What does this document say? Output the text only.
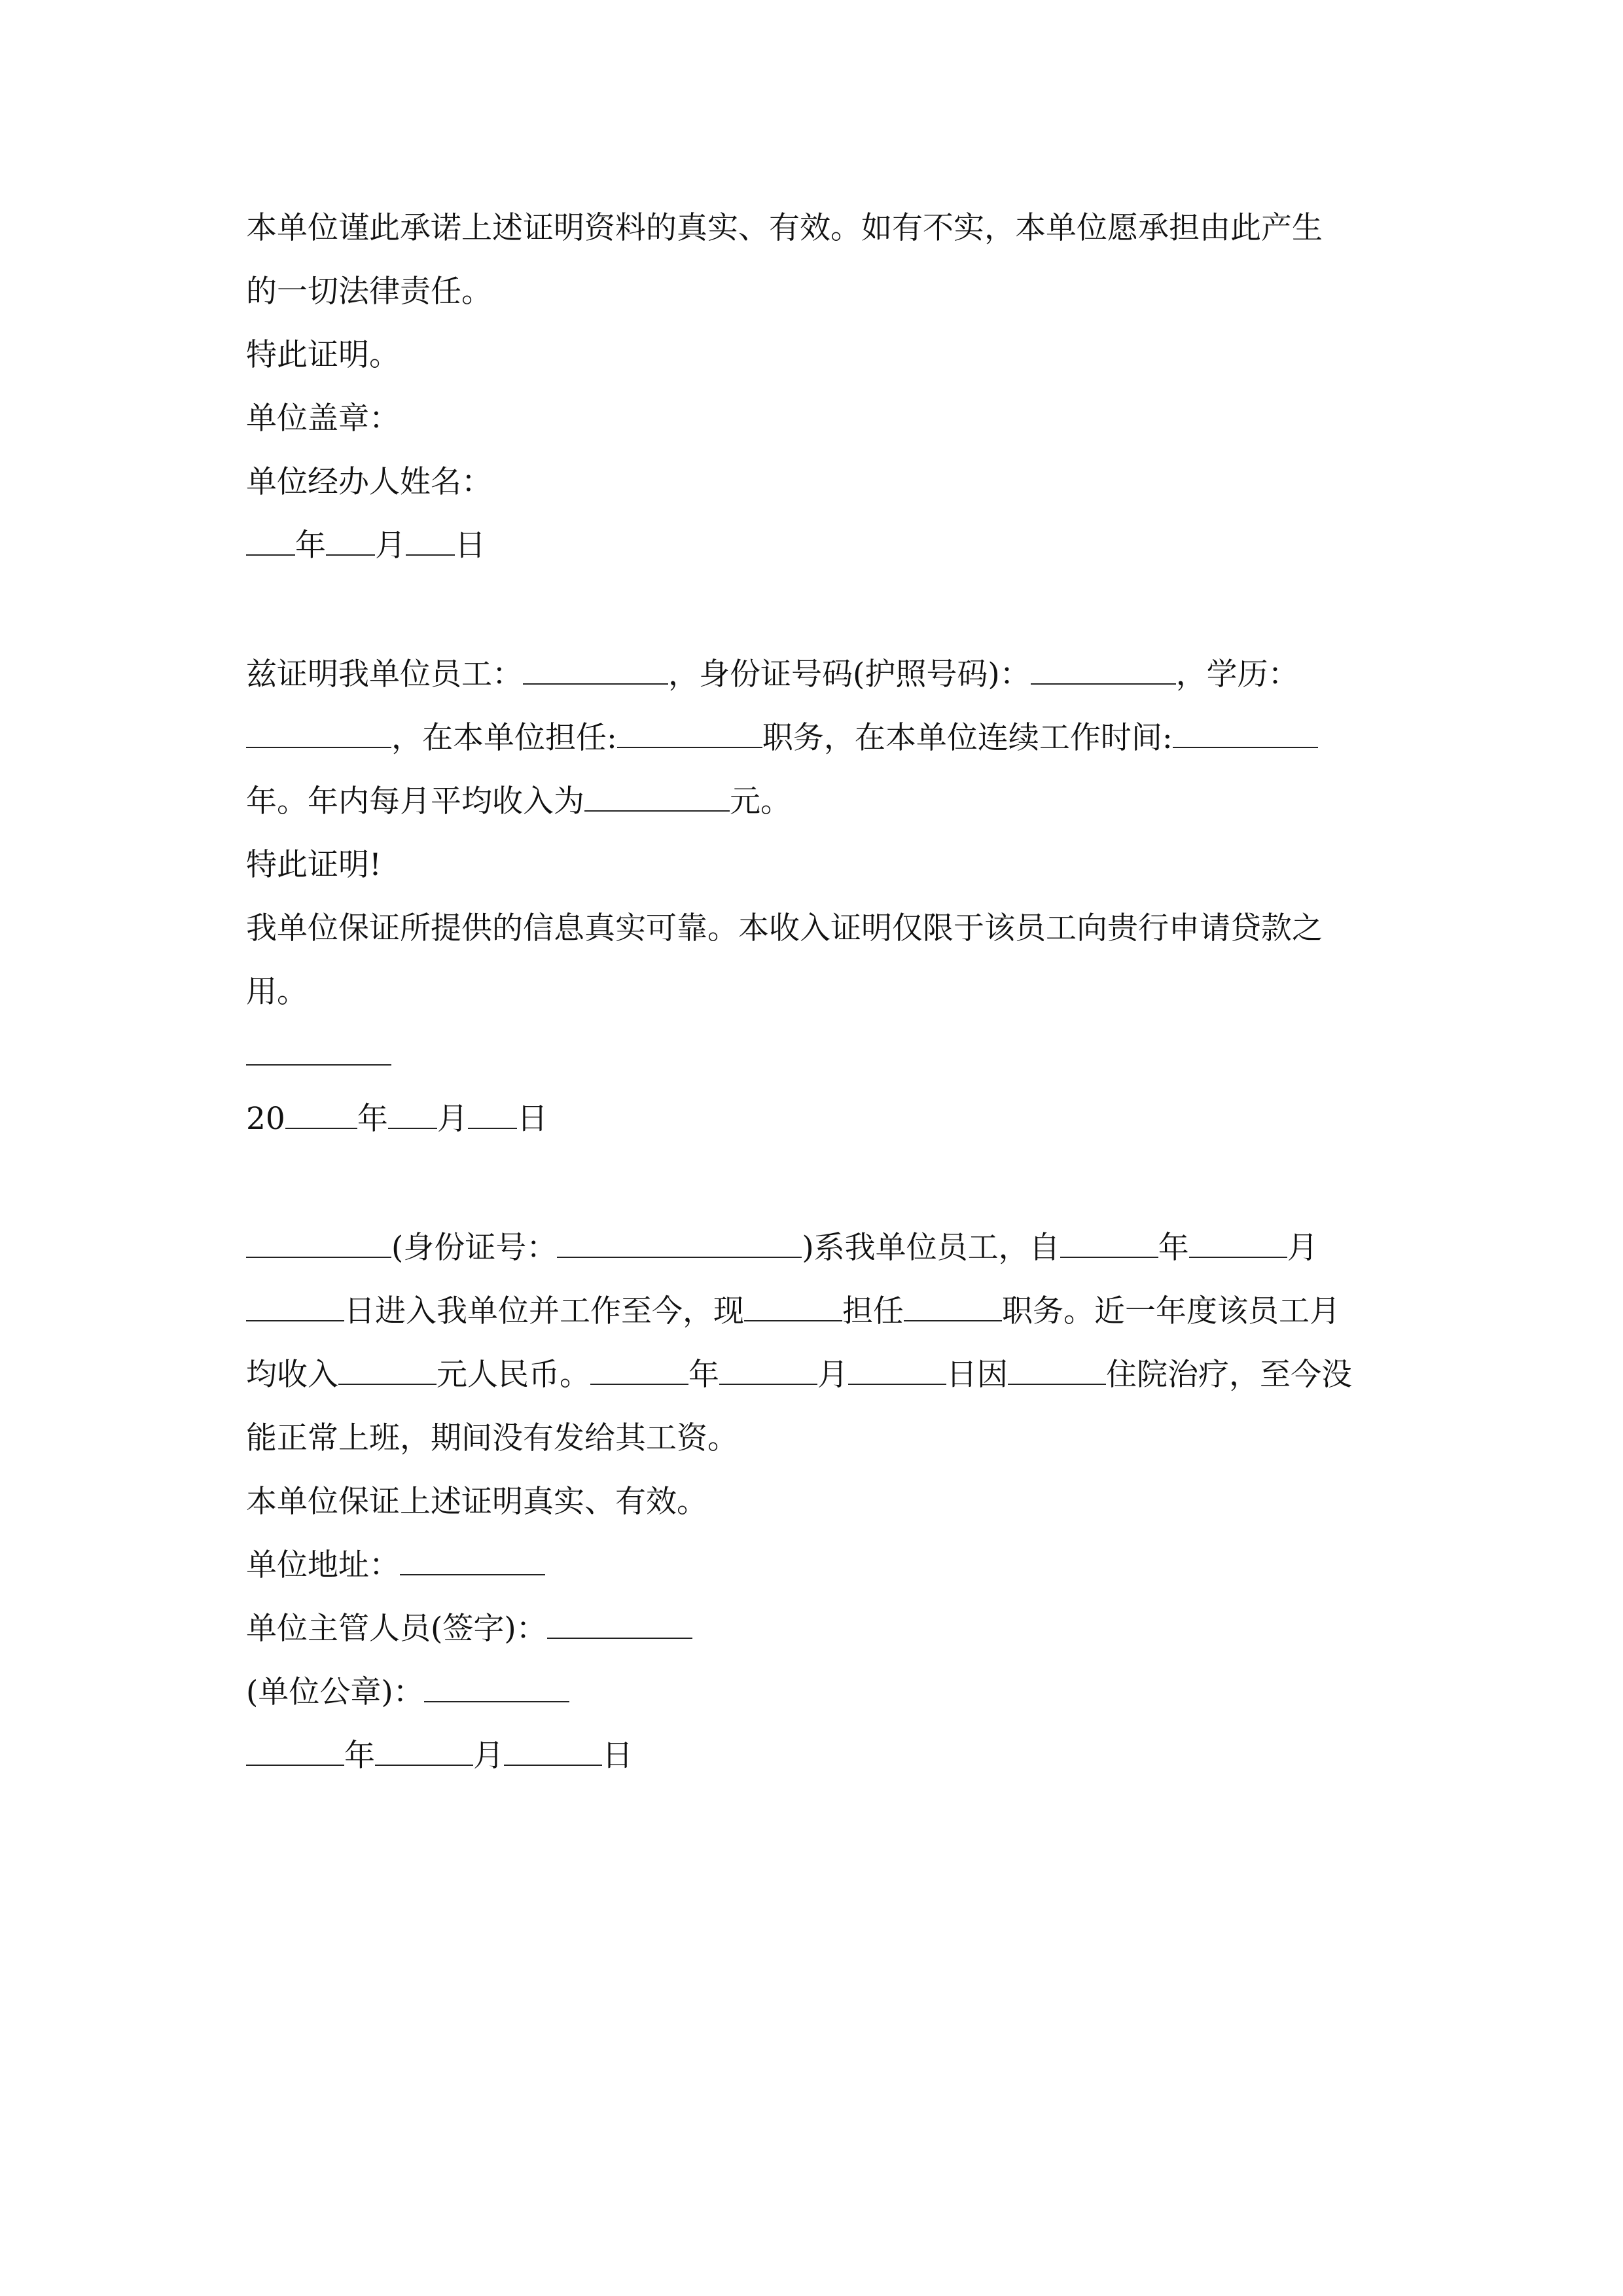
本单位谨此承诺上述证明资料的真实、有效。如有不实，本单位愿承担由此产生
的一切法律责任。
特此证明。
单位盖章：
单位经办人姓名：
年 月 日
兹证明我单位员工：	，身份证号码(护照号码)：	，学历：
，在本单位担任:	职务，在本单位连续工作时间:
年。年内每月平均收入为	元。
特此证明!
我单位保证所提供的信息真实可靠。本收入证明仅限于该员工向贵行申请贷款之
用。
20 年 月 日
(身份证号：	)系我单位员工，自	年	月
日进入我单位并工作至今，现	担任	职务。近一年度该员工月
均收入	元人民币。	年	月	日因	住院治疗，至今没
能正常上班，期间没有发给其工资。
本单位保证上述证明真实、有效。
单位地址：
单位主管人员(签字)：
(单位公章)：
年	月	日
